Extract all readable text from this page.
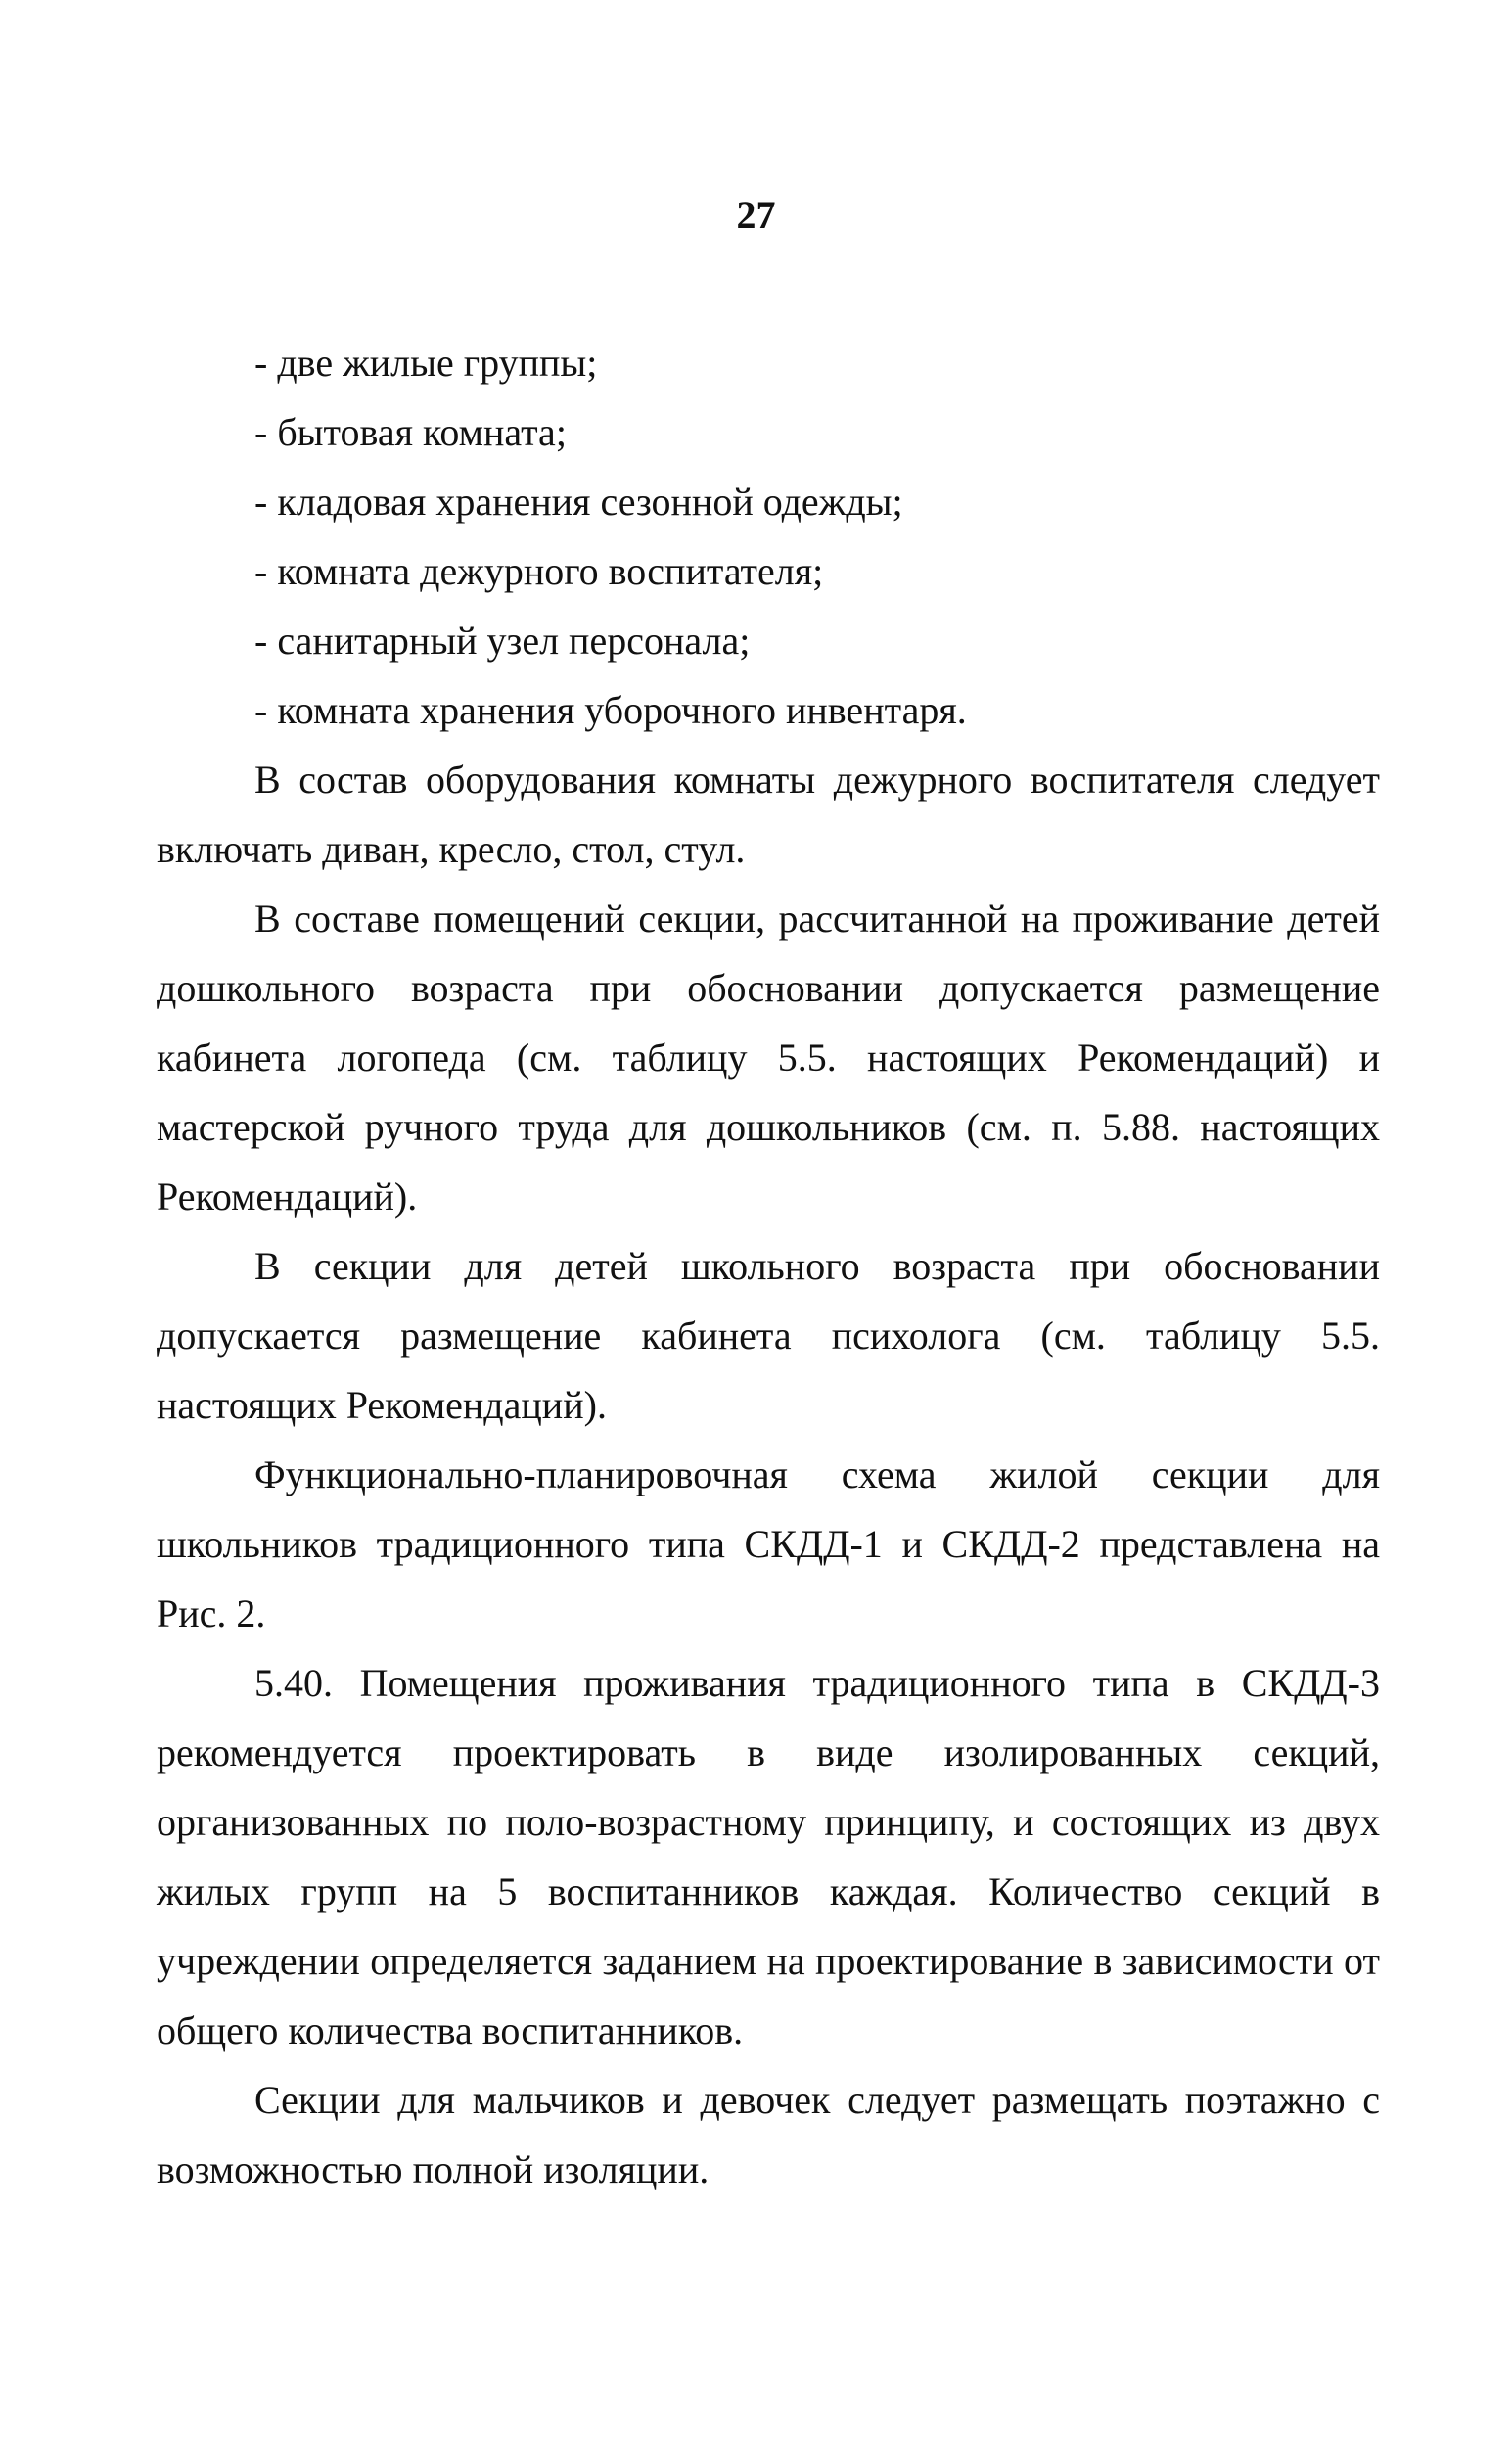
27
- две жилые группы;
- бытовая комната;
- кладовая хранения сезонной одежды;
- комната дежурного воспитателя;
- санитарный узел персонала;
- комната хранения уборочного инвентаря.

В состав оборудования комнаты дежурного воспитателя следует включать диван, кресло, стол, стул.

В составе помещений секции, рассчитанной на проживание детей дошкольного возраста при обосновании допускается размещение кабинета логопеда (см. таблицу 5.5. настоящих Рекомендаций) и мастерской ручного труда для дошкольников (см. п. 5.88. настоящих Рекомендаций).

В секции для детей школьного возраста при обосновании допускается размещение кабинета психолога (см. таблицу 5.5. настоящих Рекомендаций).

Функционально-планировочная схема жилой секции для школьников традиционного типа СКДД-1 и СКДД-2 представлена на Рис. 2.

5.40. Помещения проживания традиционного типа в СКДД-3 рекомендуется проектировать в виде изолированных секций, организованных по поло-возрастному принципу, и состоящих из двух жилых групп на 5 воспитанников каждая. Количество секций в учреждении определяется заданием на проектирование в зависимости от общего количества воспитанников.

Секции для мальчиков и девочек следует размещать поэтажно с возможностью полной изоляции.
